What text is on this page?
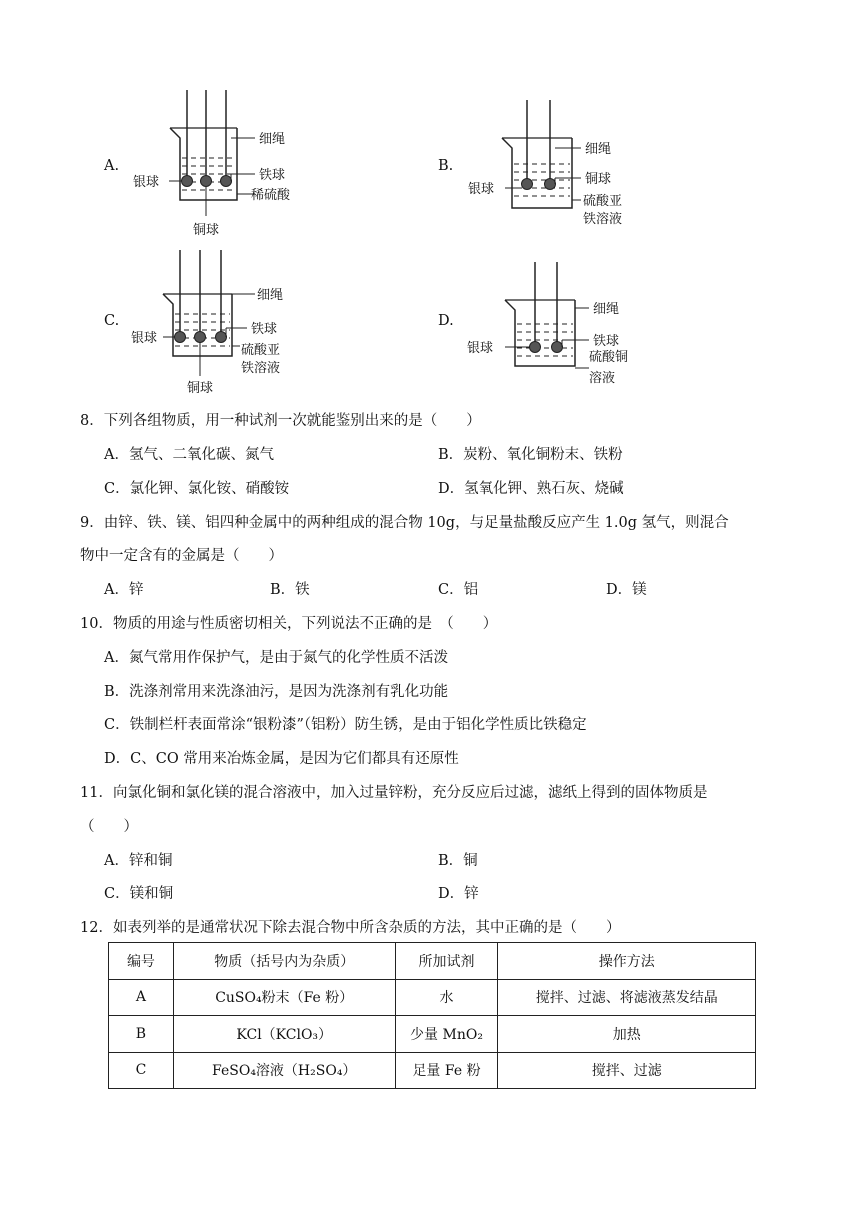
A.
细绳
铁球
稀硫酸
银球
铜球
B.
细绳
铜球
硫酸亚
铁溶液
银球
C.
细绳
铁球
硫酸亚
铁溶液
银球
铜球
D.
细绳
铁球
硫酸铜
溶液
银球
8．下列各组物质，用一种试剂一次就能鉴别出来的是（　　）
A．氢气、二氧化碳、氮气	B．炭粉、氧化铜粉末、铁粉
C．氯化钾、氯化铵、硝酸铵	D．氢氧化钾、熟石灰、烧碱
9．由锌、铁、镁、铝四种金属中的两种组成的混合物 10g，与足量盐酸反应产生 1.0g 氢气，则混合
物中一定含有的金属是（　　）
A．锌	B．铁	C．铝	D．镁
10．物质的用途与性质密切相关，下列说法不正确的是　（　　）
A．氮气常用作保护气，是由于氮气的化学性质不活泼
B．洗涤剂常用来洗涤油污，是因为洗涤剂有乳化功能
C．铁制栏杆表面常涂“银粉漆”（铝粉）防生锈，是由于铝化学性质比铁稳定
D．C、CO 常用来冶炼金属，是因为它们都具有还原性
11．向氯化铜和氯化镁的混合溶液中，加入过量锌粉，充分反应后过滤，滤纸上得到的固体物质是
（　　）
A．锌和铜	B．铜
C．镁和铜	D．锌
12．如表列举的是通常状况下除去混合物中所含杂质的方法，其中正确的是（　　）
编号	物质（括号内为杂质）	所加试剂	操作方法
A	CuSO₄粉末（Fe 粉）	水	搅拌、过滤、将滤液蒸发结晶
B	KCl（KClO₃）	少量 MnO₂	加热
C	FeSO₄溶液（H₂SO₄）	足量 Fe 粉	搅拌、过滤
